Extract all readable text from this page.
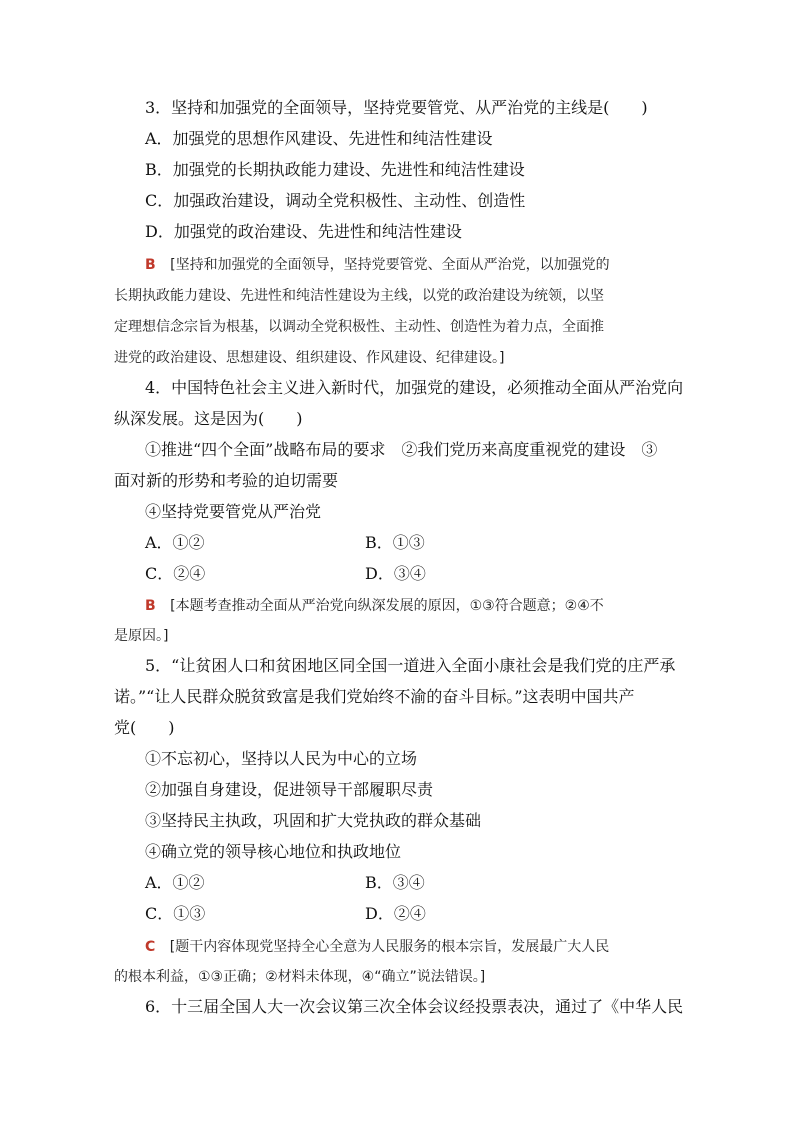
3．坚持和加强党的全面领导，坚持党要管党、从严治党的主线是(　　)
A．加强党的思想作风建设、先进性和纯洁性建设
B．加强党的长期执政能力建设、先进性和纯洁性建设
C．加强政治建设，调动全党积极性、主动性、创造性
D．加强党的政治建设、先进性和纯洁性建设
B [坚持和加强党的全面领导，坚持党要管党、全面从严治党，以加强党的
长期执政能力建设、先进性和纯洁性建设为主线，以党的政治建设为统领，以坚
定理想信念宗旨为根基，以调动全党积极性、主动性、创造性为着力点，全面推
进党的政治建设、思想建设、组织建设、作风建设、纪律建设。]
4．中国特色社会主义进入新时代，加强党的建设，必须推动全面从严治党向
纵深发展。这是因为(　　)
①推进“四个全面”战略布局的要求　②我们党历来高度重视党的建设　③
面对新的形势和考验的迫切需要
④坚持党要管党从严治党
A．①②	B．①③
C．②④	D．③④
B [本题考查推动全面从严治党向纵深发展的原因，①③符合题意；②④不
是原因。]
5．“让贫困人口和贫困地区同全国一道进入全面小康社会是我们党的庄严承
诺。”“让人民群众脱贫致富是我们党始终不渝的奋斗目标。”这表明中国共产
党(　　)
①不忘初心，坚持以人民为中心的立场
②加强自身建设，促进领导干部履职尽责
③坚持民主执政，巩固和扩大党执政的群众基础
④确立党的领导核心地位和执政地位
A．①②	B．③④
C．①③	D．②④
C [题干内容体现党坚持全心全意为人民服务的根本宗旨，发展最广大人民
的根本利益，①③正确；②材料未体现，④“确立”说法错误。]
6．十三届全国人大一次会议第三次全体会议经投票表决，通过了《中华人民
